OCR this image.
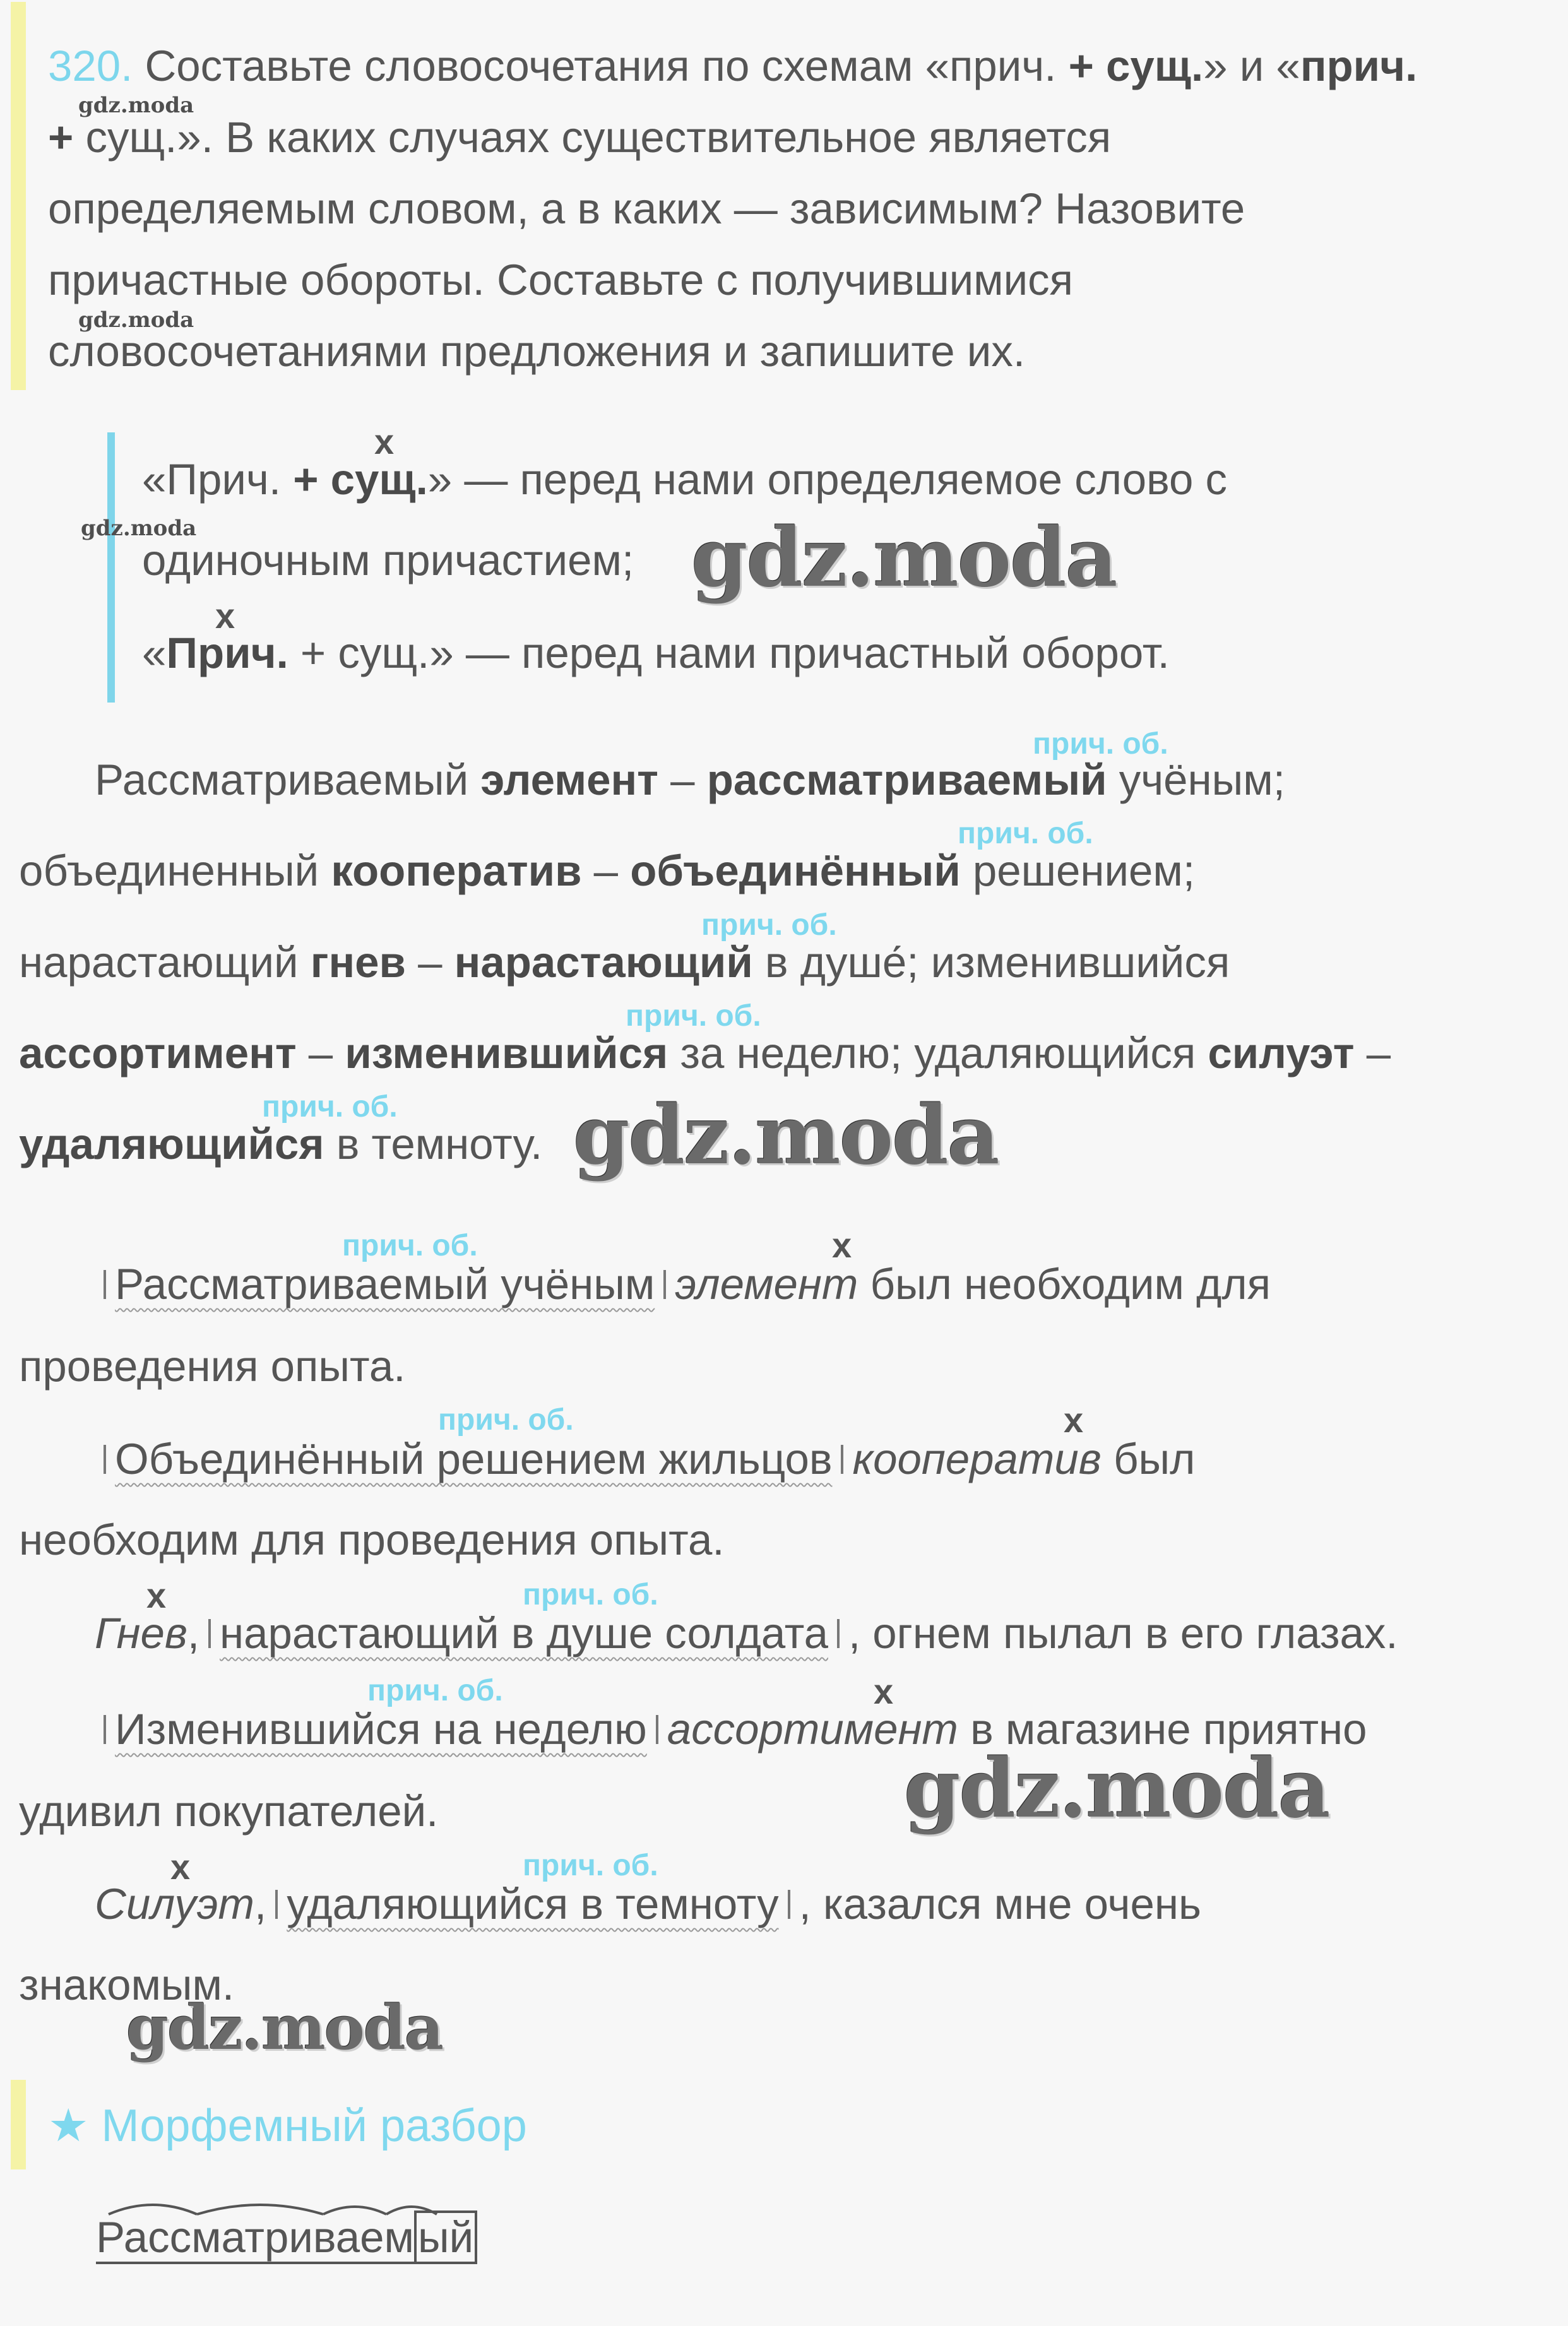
320. Составьте словосочетания по схемам «прич. + сущ.» и «прич.
+ сущ.». В каких случаях существительное является
определяемым словом, а в каких — зависимым? Назовите
причастные обороты. Составьте с получившимися
словосочетаниями предложения и запишите их.
gdz.moda
gdz.moda
x
«Прич. + сущ.» — перед нами определяемое слово с
gdz.moda
одиночным причастием; gdz.moda
x
«Прич. + сущ.» — перед нами причастный оборот.
прич. об.
Рассматриваемый элемент – рассматриваемый учёным;
прич. об.
объединенный кооператив – объединённый решением;
прич. об.
нарастающий гнев – нарастающий в душе́; изменившийся
прич. об.
ассортимент – изменившийся за неделю; удаляющийся силуэт –
прич. об.
удаляющийся в темноту. gdz.moda
прич. об.	x
Рассматриваемый учёным элемент был необходим для
проведения опыта.
прич. об.	x
Объединённый решением жильцов кооператив был
необходим для проведения опыта.
x	прич. об.
Гнев, нарастающий в душе солдата , огнем пылал в его глазах.
прич. об.	x
Изменившийся на неделю ассортимент в магазине приятно
удивил покупателей.	gdz.moda
x	прич. об.
Силуэт, удаляющийся в темноту , казался мне очень
знакомым.
gdz.moda
★ Морфемный разбор
Рассматриваемый
